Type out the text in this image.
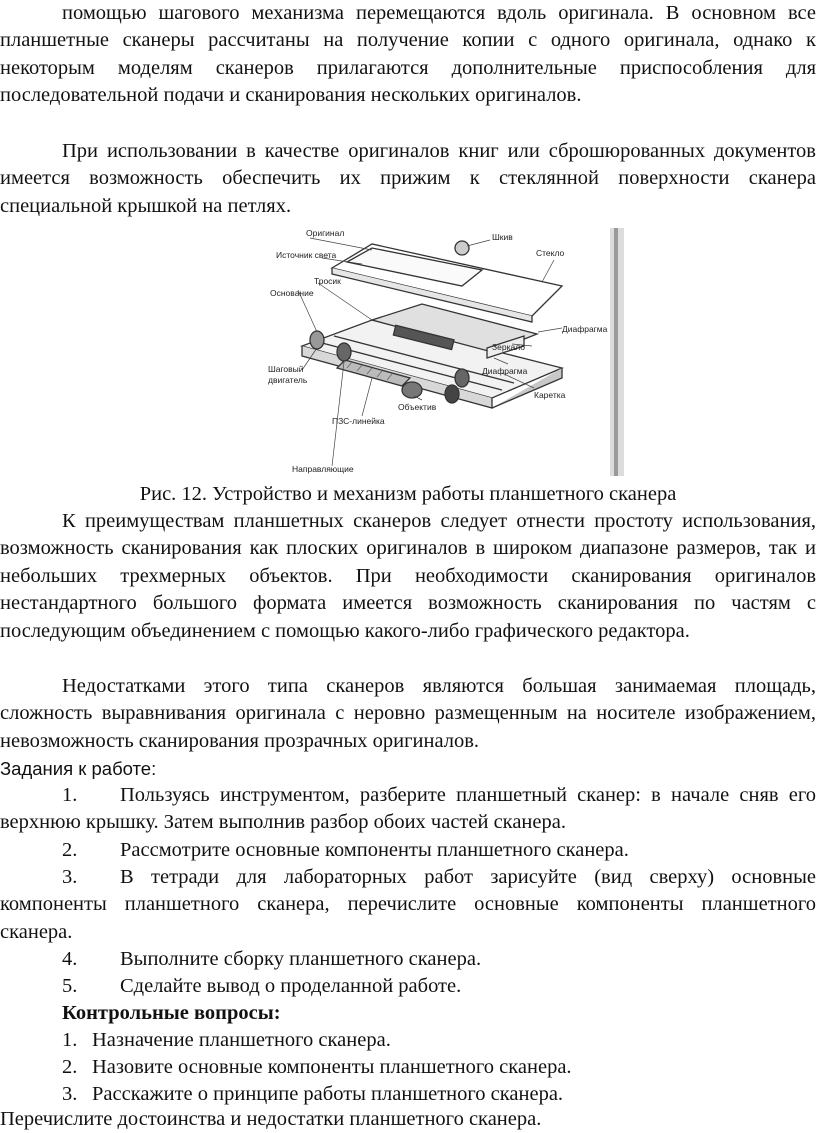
помощью шагового механизма перемещаются вдоль оригинала. В основном все планшетные сканеры рассчитаны на получение копии с одного оригинала, однако к некоторым моделям сканеров прилагаются дополнительные приспособления для последовательной подачи и сканирования нескольких оригиналов.

При использовании в качестве оригиналов книг или сброшюрованных документов имеется возможность обеспечить их прижим к стеклянной поверхности сканера специальной крышкой на петлях.

Оригинал
Источник света
Тросик
Основание
Шаговый
двигатель
ПЗС-линейка
Направляющие
Объектив
Каретка
Диафрагма
Диафрагма
Зеркало
Стекло
Шкив
Рис. 12. Устройство и механизм работы планшетного сканера

К преимуществам планшетных сканеров следует отнести простоту использования, возможность сканирования как плоских оригиналов в широком диапазоне размеров, так и небольших трехмерных объектов. При необходимости сканирования оригиналов нестандартного большого формата имеется возможность сканирования по частям с последующим объединением с помощью какого-либо графического редактора.

Недостатками этого типа сканеров являются большая занимаемая площадь, сложность выравнивания оригинала с неровно размещенным на носителе изображением, невозможность сканирования прозрачных оригиналов.

Задания к работе:

1. Пользуясь инструментом, разберите планшетный сканер: в начале сняв его верхнюю крышку. Затем выполнив разбор обоих частей сканера.

2. Рассмотрите основные компоненты планшетного сканера.

3. В тетради для лабораторных работ зарисуйте (вид сверху) основные компоненты планшетного сканера, перечислите основные компоненты планшетного сканера.

4. Выполните сборку планшетного сканера.

5. Сделайте вывод о проделанной работе.

Контрольные вопросы:
1. Назначение планшетного сканера.
2. Назовите основные компоненты планшетного сканера.
3. Расскажите о принципе работы планшетного сканера.
Перечислите достоинства и недостатки планшетного сканера.
